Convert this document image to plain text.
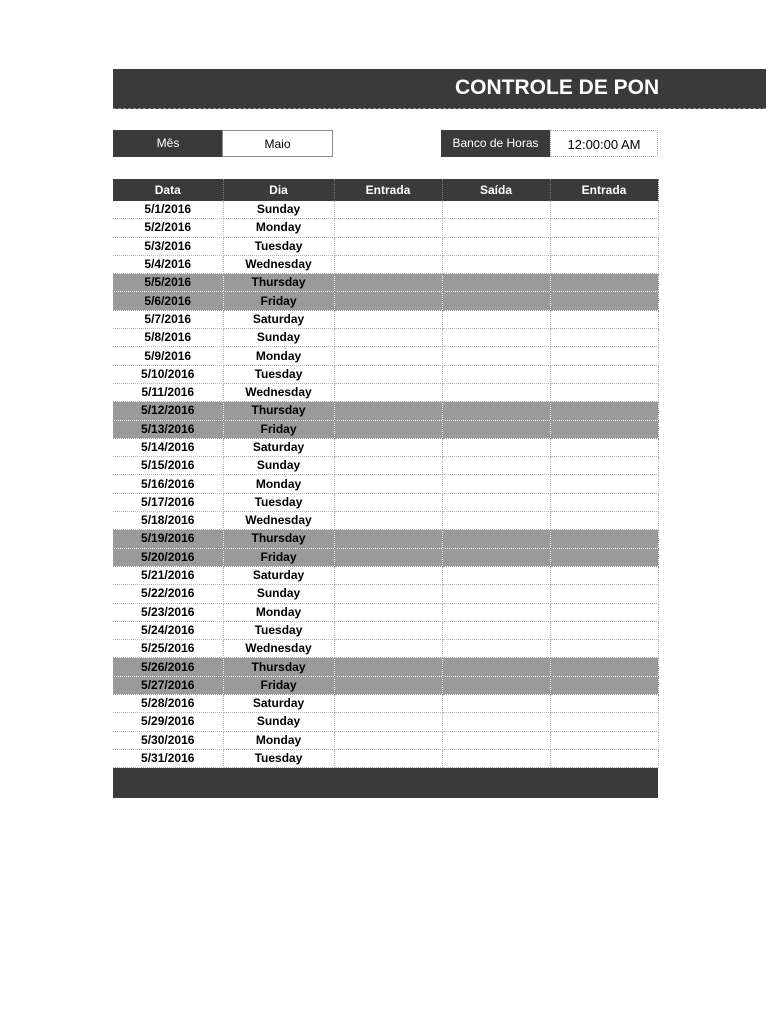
CONTROLE DE PON
Mês	Maio	Banco de Horas	12:00:00 AM
Data	Dia	Entrada	Saída	Entrada
5/1/2016	Sunday			
5/2/2016	Monday			
5/3/2016	Tuesday			
5/4/2016	Wednesday			
5/5/2016	Thursday			
5/6/2016	Friday			
5/7/2016	Saturday			
5/8/2016	Sunday			
5/9/2016	Monday			
5/10/2016	Tuesday			
5/11/2016	Wednesday			
5/12/2016	Thursday			
5/13/2016	Friday			
5/14/2016	Saturday			
5/15/2016	Sunday			
5/16/2016	Monday			
5/17/2016	Tuesday			
5/18/2016	Wednesday			
5/19/2016	Thursday			
5/20/2016	Friday			
5/21/2016	Saturday			
5/22/2016	Sunday			
5/23/2016	Monday			
5/24/2016	Tuesday			
5/25/2016	Wednesday			
5/26/2016	Thursday			
5/27/2016	Friday			
5/28/2016	Saturday			
5/29/2016	Sunday			
5/30/2016	Monday			
5/31/2016	Tuesday			
